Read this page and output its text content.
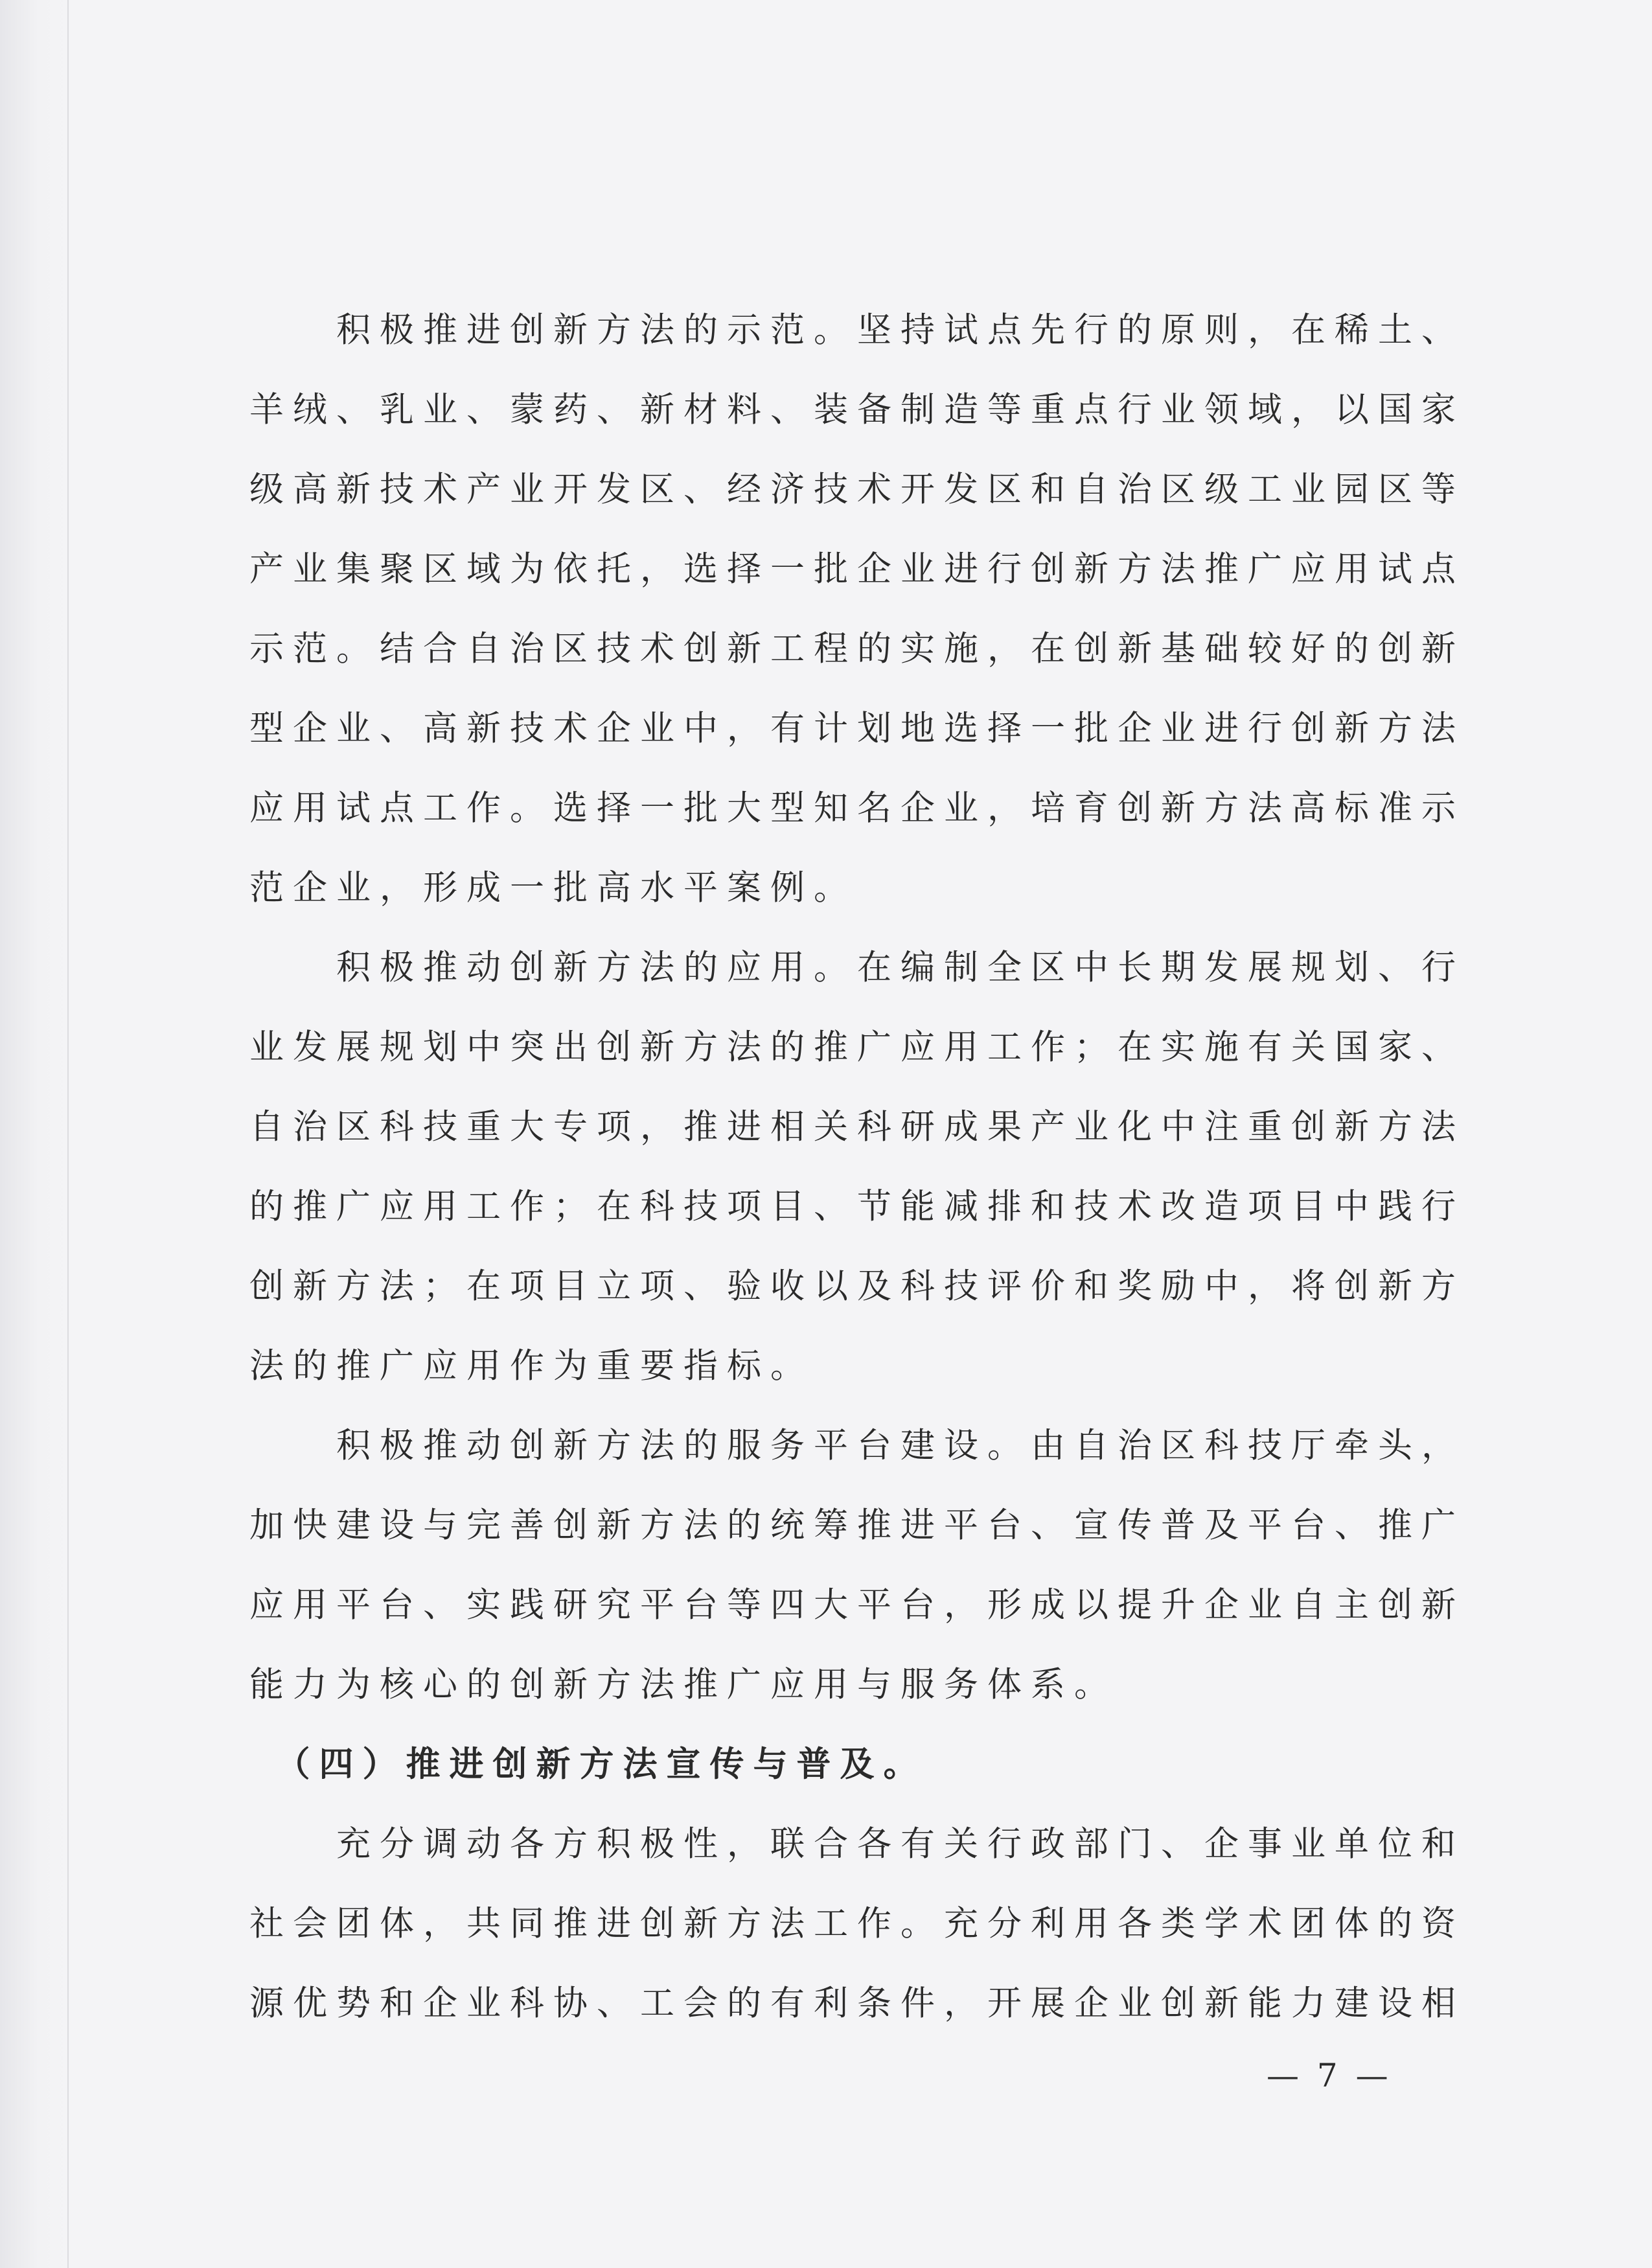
　　积极推进创新方法的示范。坚持试点先行的原则，在稀土、
羊绒、乳业、蒙药、新材料、装备制造等重点行业领域，以国家
级高新技术产业开发区、经济技术开发区和自治区级工业园区等
产业集聚区域为依托，选择一批企业进行创新方法推广应用试点
示范。结合自治区技术创新工程的实施，在创新基础较好的创新
型企业、高新技术企业中，有计划地选择一批企业进行创新方法
应用试点工作。选择一批大型知名企业，培育创新方法高标准示
范企业，形成一批高水平案例。
　　积极推动创新方法的应用。在编制全区中长期发展规划、行
业发展规划中突出创新方法的推广应用工作；在实施有关国家、
自治区科技重大专项，推进相关科研成果产业化中注重创新方法
的推广应用工作；在科技项目、节能减排和技术改造项目中践行
创新方法；在项目立项、验收以及科技评价和奖励中，将创新方
法的推广应用作为重要指标。
　　积极推动创新方法的服务平台建设。由自治区科技厅牵头，
加快建设与完善创新方法的统筹推进平台、宣传普及平台、推广
应用平台、实践研究平台等四大平台，形成以提升企业自主创新
能力为核心的创新方法推广应用与服务体系。
　（四）推进创新方法宣传与普及。
　　充分调动各方积极性，联合各有关行政部门、企事业单位和
社会团体，共同推进创新方法工作。充分利用各类学术团体的资
源优势和企业科协、工会的有利条件，开展企业创新能力建设相
— 7 —
